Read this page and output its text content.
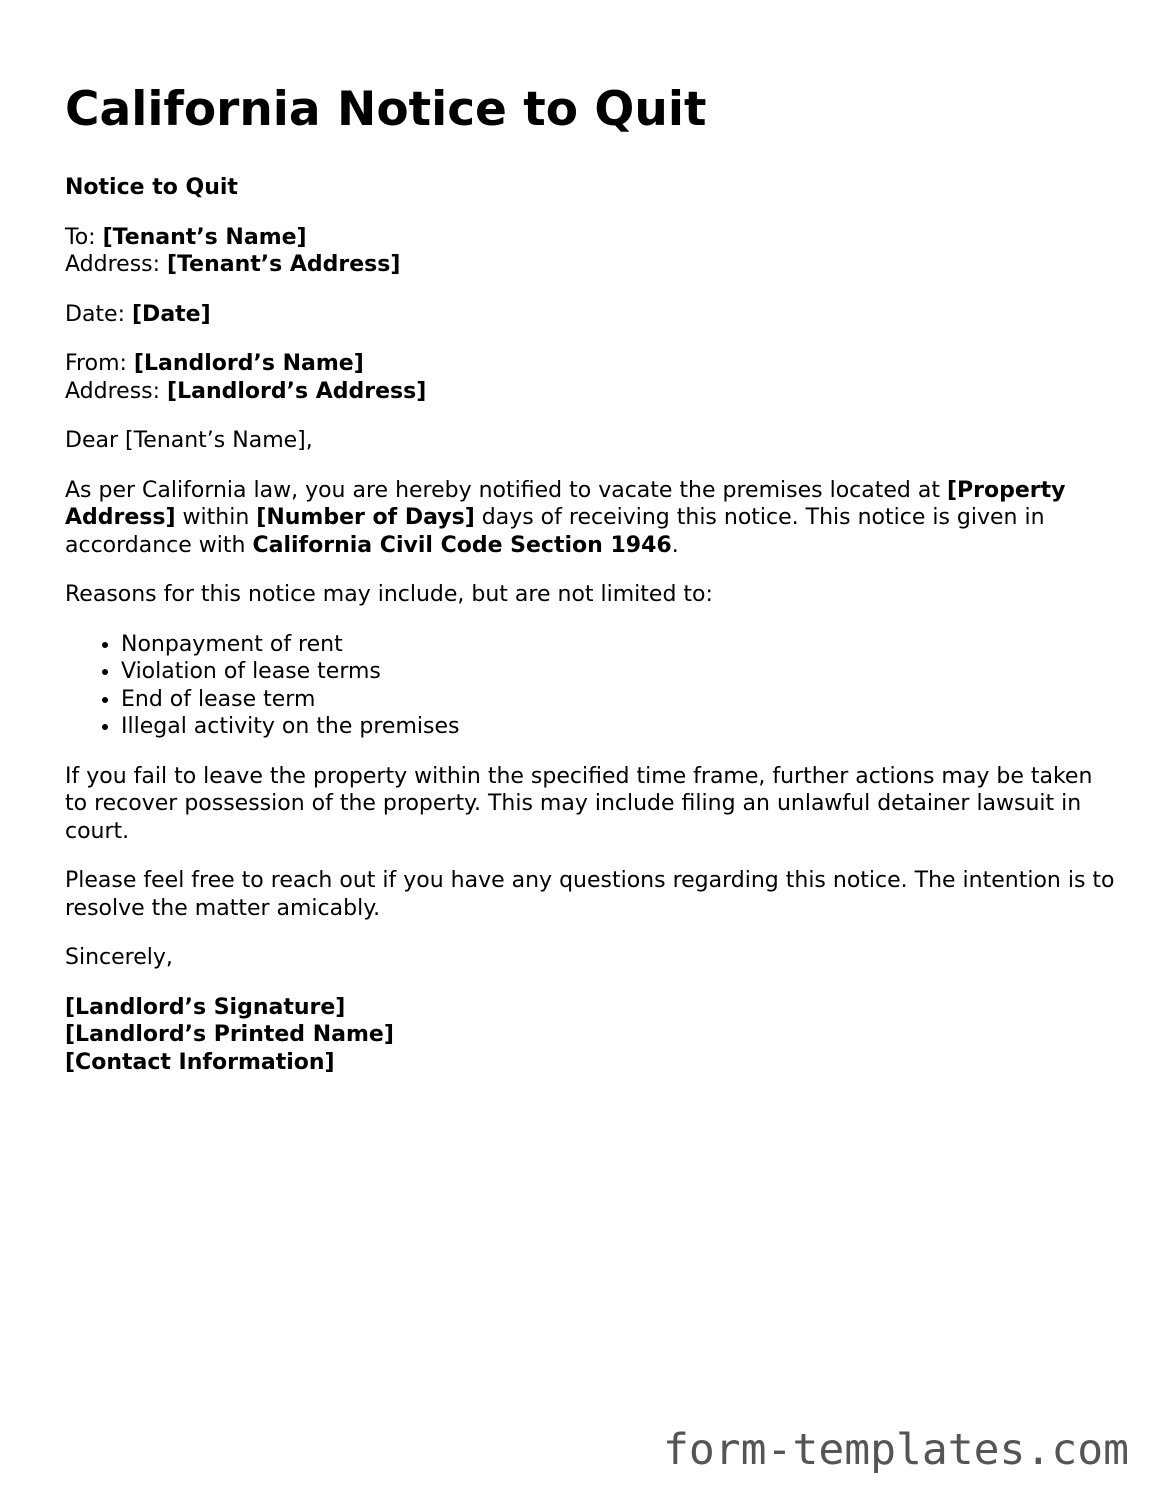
California Notice to Quit

Notice to Quit

To: [Tenant’s Name]
Address: [Tenant’s Address]

Date: [Date]

From: [Landlord’s Name]
Address: [Landlord’s Address]

Dear [Tenant’s Name],

As per California law, you are hereby notified to vacate the premises located at [Property Address] within [Number of Days] days of receiving this notice. This notice is given in accordance with California Civil Code Section 1946.

Reasons for this notice may include, but are not limited to:

• Nonpayment of rent
• Violation of lease terms
• End of lease term
• Illegal activity on the premises

If you fail to leave the property within the specified time frame, further actions may be taken to recover possession of the property. This may include filing an unlawful detainer lawsuit in court.

Please feel free to reach out if you have any questions regarding this notice. The intention is to resolve the matter amicably.

Sincerely,

[Landlord’s Signature]
[Landlord’s Printed Name]
[Contact Information]

form-templates.com
